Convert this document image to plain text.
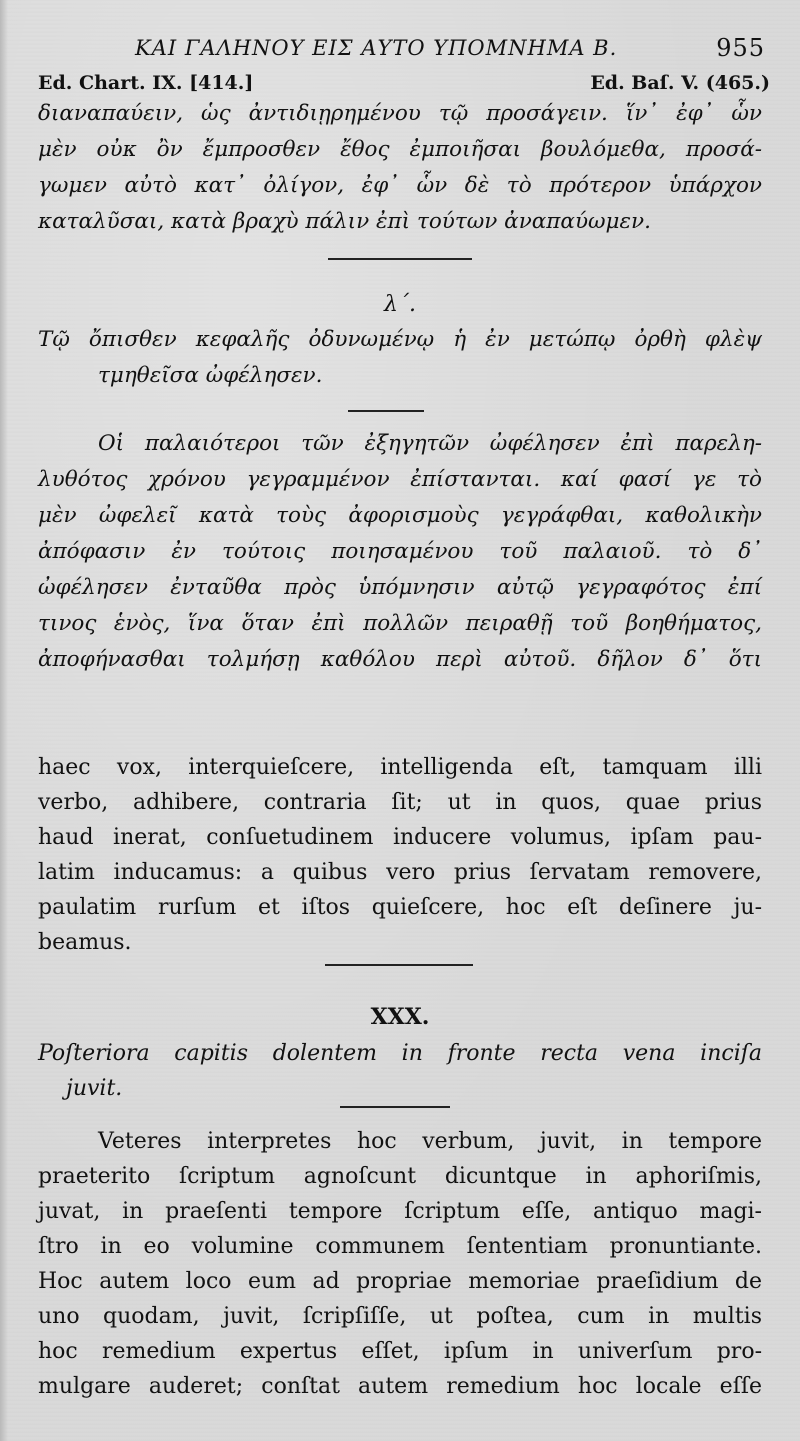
ΚΑΙ ΓΑΛΗΝΟΥ ΕΙΣ ΑΥΤΟ ΥΠΟΜΝΗΜΑ Β.	955
Ed. Chart. IX. [414.]	Ed. Baſ. V. (465.)
διαναπαύειν, ὡς ἀντιδιῃρημένου τῷ προσάγειν. ἵν᾽ ἐφ᾽ ὧν
μὲν οὐκ ὂν ἔμπροσθεν ἔθος ἐμποιῆσαι βουλόμεθα, προσά-
γωμεν αὐτὸ κατ᾽ ὀλίγον, ἐφ᾽ ὧν δὲ τὸ πρότερον ὑπάρχον
καταλῦσαι, κατὰ βραχὺ πάλιν ἐπὶ τούτων ἀναπαύωμεν.
λ΄.
Τῷ ὄπισθεν κεφαλῆς ὀδυνωμένῳ ἡ ἐν μετώπῳ ὀρθὴ φλὲψ
τμηθεῖσα ὠφέλησεν.
Οἱ παλαιότεροι τῶν ἐξηγητῶν ὠφέλησεν ἐπὶ παρελη-
λυθότος χρόνου γεγραμμένον ἐπίστανται. καί φασί γε τὸ
μὲν ὠφελεῖ κατὰ τοὺς ἀφορισμοὺς γεγράφθαι, καθολικὴν
ἀπόφασιν ἐν τούτοις ποιησαμένου τοῦ παλαιοῦ. τὸ δ᾽
ὠφέλησεν ἐνταῦθα πρὸς ὑπόμνησιν αὐτῷ γεγραφότος ἐπί
τινος ἑνὸς, ἵνα ὅταν ἐπὶ πολλῶν πειραθῇ τοῦ βοηθήματος,
ἀποφήνασθαι τολμήσῃ καθόλου περὶ αὐτοῦ. δῆλον δ᾽ ὅτι
haec vox, interquieſcere, intelligenda eſt, tamquam illi
verbo, adhibere, contraria ſit; ut in quos, quae prius
haud inerat, conſuetudinem inducere volumus, ipſam pau-
latim inducamus: a quibus vero prius ſervatam removere,
paulatim rurſum et iſtos quieſcere, hoc eſt deſinere ju-
beamus.
XXX.
Poſteriora capitis dolentem in fronte recta vena inciſa
juvit.
Veteres interpretes hoc verbum, juvit, in tempore
praeterito ſcriptum agnoſcunt dicuntque in aphoriſmis,
juvat, in praeſenti tempore ſcriptum eſſe, antiquo magi-
ſtro in eo volumine communem ſententiam pronuntiante.
Hoc autem loco eum ad propriae memoriae praeſidium de
uno quodam, juvit, ſcripſiſſe, ut poſtea, cum in multis
hoc remedium expertus eſſet, ipſum in univerſum pro-
mulgare auderet; conſtat autem remedium hoc locale eſſe
